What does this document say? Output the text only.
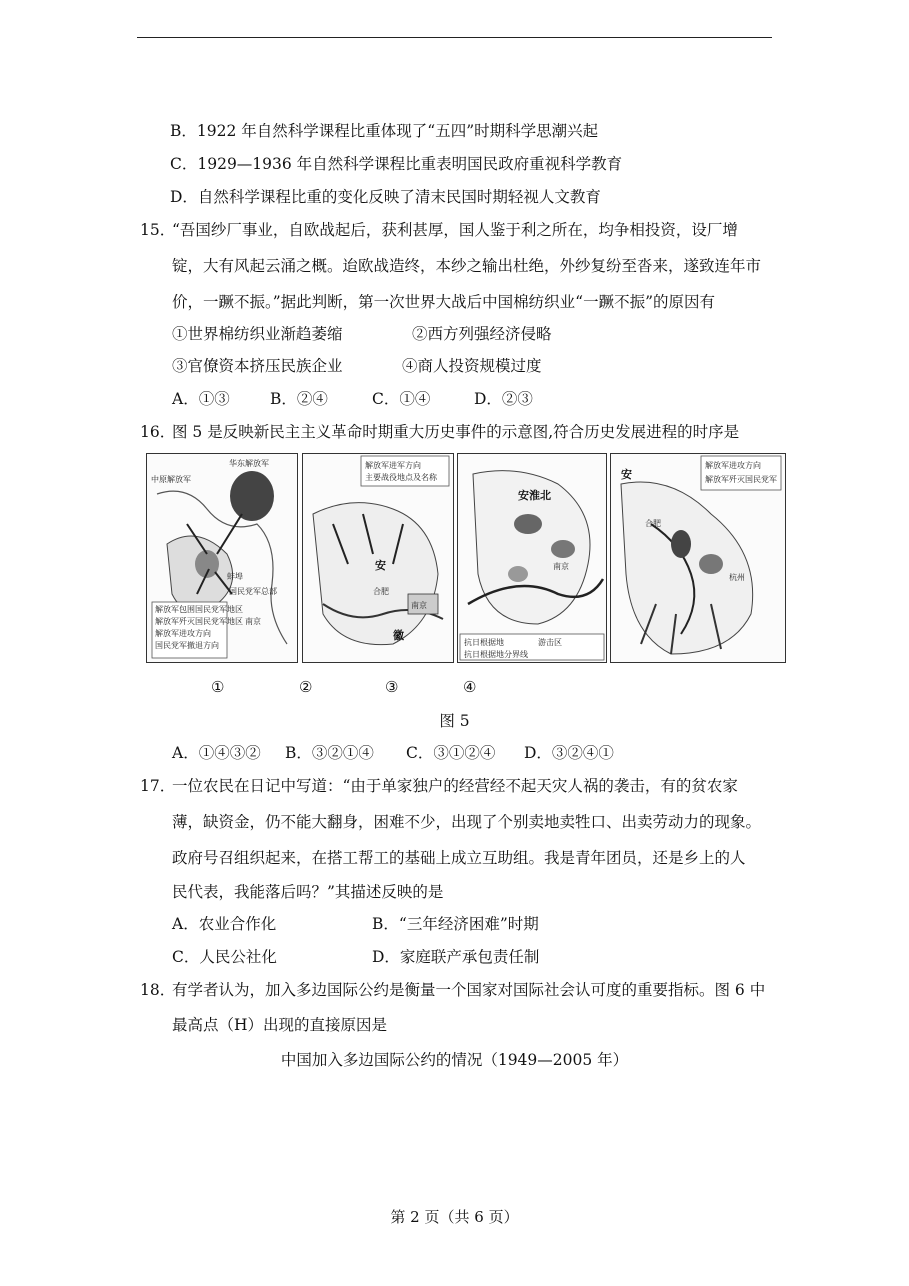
B．1922 年自然科学课程比重体现了“五四”时期科学思潮兴起
C．1929—1936 年自然科学课程比重表明国民政府重视科学教育
D．自然科学课程比重的变化反映了清末民国时期轻视人文教育
15．
“吾国纱厂事业，自欧战起后，获利甚厚，国人鉴于利之所在，均争相投资，设厂增
锭，大有风起云涌之概。迨欧战造终，本纱之输出杜绝，外纱复纷至沓来，遂致连年市
价，一蹶不振。”据此判断，第一次世界大战后中国棉纺织业“一蹶不振”的原因有
①世界棉纺织业渐趋萎缩	②西方列强经济侵略
③官僚资本挤压民族企业	④商人投资规模过度
A．①③	B．②④	C．①④	D．②③
16．
图 5 是反映新民主主义革命时期重大历史事件的示意图,符合历史发展进程的时序是
华东解放军
中原解放军
蚌埠
南京
国民党军总部
解放军包围国民党军地区
解放军歼灭国民党军地区
解放军进攻方向
国民党军撤退方向
解放军进军方向
主要战役地点及名称
安
合肥
南京
徽
安淮北
南京
抗日根据地	游击区
抗日根据地分界线
解放军进攻方向
解放军歼灭国民党军
安
合肥
杭州
①	②	③	④
图 5
A．①④③② B．③②①④ C．③①②④ D．③②④①
17．
一位农民在日记中写道：“由于单家独户的经营经不起天灾人祸的袭击，有的贫农家
薄，缺资金，仍不能大翻身，困难不少，出现了个别卖地卖牲口、出卖劳动力的现象。
政府号召组织起来，在搭工帮工的基础上成立互助组。我是青年团员，还是乡上的人
民代表，我能落后吗？”其描述反映的是
A．农业合作化	B．“三年经济困难”时期
C．人民公社化	D．家庭联产承包责任制
18．
有学者认为，加入多边国际公约是衡量一个国家对国际社会认可度的重要指标。图 6 中
最高点（H）出现的直接原因是
中国加入多边国际公约的情况（1949—2005 年）
第 2 页（共 6 页）
